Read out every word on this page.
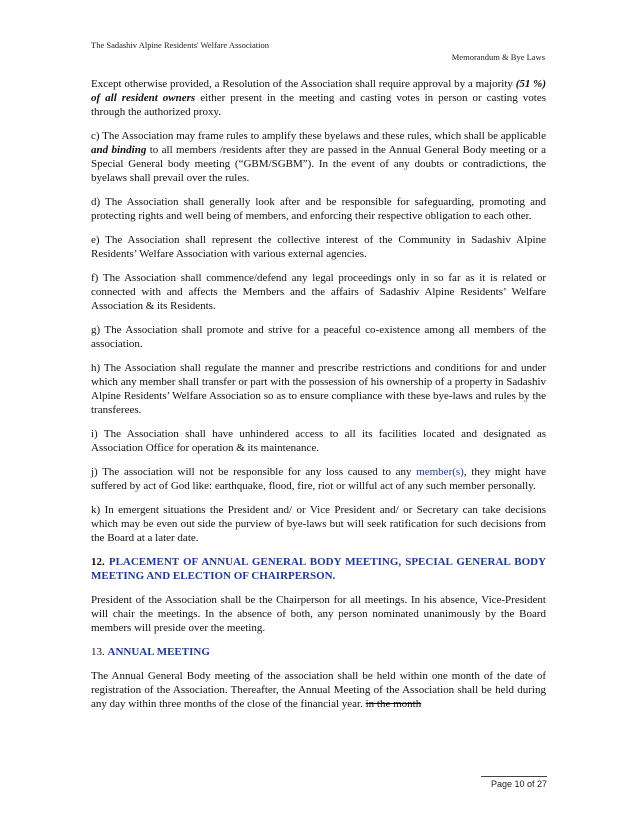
The Sadashiv Alpine Residents' Welfare Association
Memorandum & Bye Laws

Except otherwise provided, a Resolution of the Association shall require approval by a majority (51 %) of all resident owners either present in the meeting and casting votes in person or casting votes through the authorized proxy.

c) The Association may frame rules to amplify these byelaws and these rules, which shall be applicable and binding to all members /residents after they are passed in the Annual General Body meeting or a Special General body meeting (“GBM/SGBM”). In the event of any doubts or contradictions, the byelaws shall prevail over the rules.

d) The Association shall generally look after and be responsible for safeguarding, promoting and protecting rights and well being of members, and enforcing their respective obligation to each other.

e) The Association shall represent the collective interest of the Community in Sadashiv Alpine Residents’ Welfare Association with various external agencies.

f) The Association shall commence/defend any legal proceedings only in so far as it is related or connected with and affects the Members and the affairs of Sadashiv Alpine Residents’ Welfare Association & its Residents.

g) The Association shall promote and strive for a peaceful co-existence among all members of the association.

h) The Association shall regulate the manner and prescribe restrictions and conditions for and under which any member shall transfer or part with the possession of his ownership of a property in Sadashiv Alpine Residents’ Welfare Association so as to ensure compliance with these bye-laws and rules by the transferees.

i) The Association shall have unhindered access to all its facilities located and designated as Association Office for operation & its maintenance.

j) The association will not be responsible for any loss caused to any member(s), they might have suffered by act of God like: earthquake, flood, fire, riot or willful act of any such member personally.

k) In emergent situations the President and/ or Vice President and/ or Secretary can take decisions which may be even out side the purview of bye-laws but will seek ratification for such decisions from the Board at a later date.

12. PLACEMENT OF ANNUAL GENERAL BODY MEETING, SPECIAL GENERAL BODY MEETING AND ELECTION OF CHAIRPERSON.

President of the Association shall be the Chairperson for all meetings. In his absence, Vice-President will chair the meetings. In the absence of both, any person nominated unanimously by the Board members will preside over the meeting.

13. ANNUAL MEETING

The Annual General Body meeting of the association shall be held within one month of the date of registration of the Association. Thereafter, the Annual Meeting of the Association shall be held during any day within three months of the close of the financial year. in the month

Page 10 of 27
